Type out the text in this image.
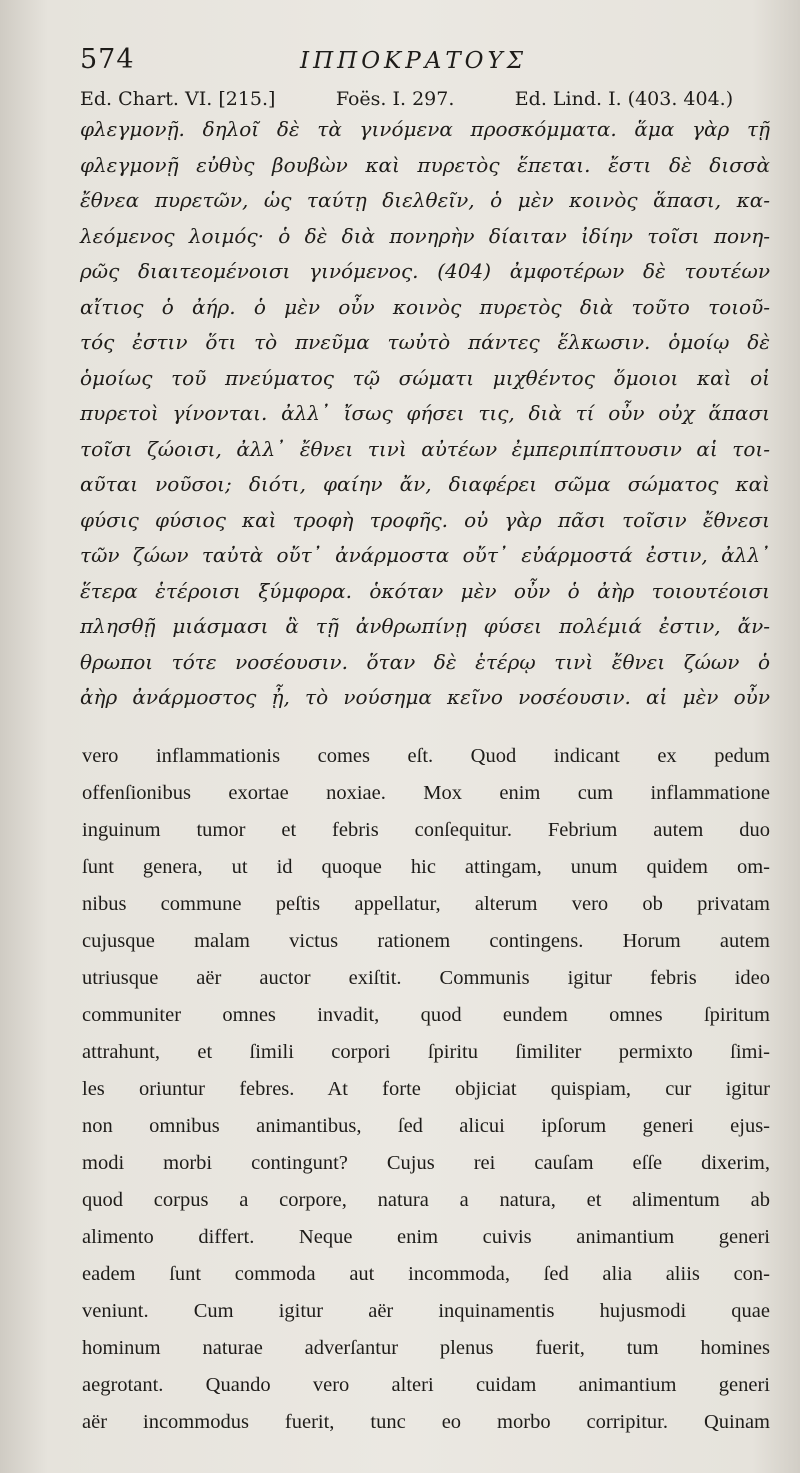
574	ΙΠΠΟΚΡΑΤΟΥΣ
Ed. Chart. VI. [215.]          Foës. I. 297.          Ed. Lind. I. (403. 404.)
φλεγμονῇ. δηλοῖ δὲ τὰ γινόμενα προσκόμματα. ἅμα γὰρ τῇ
φλεγμονῇ εὐθὺς βουβὼν καὶ πυρετὸς ἕπεται. ἔστι δὲ δισσὰ
ἔθνεα πυρετῶν, ὡς ταύτῃ διελθεῖν, ὁ μὲν κοινὸς ἅπασι, κα-
λεόμενος λοιμός· ὁ δὲ διὰ πονηρὴν δίαιταν ἰδίην τοῖσι πονη-
ρῶς διαιτεομένοισι γινόμενος. (404) ἀμφοτέρων δὲ τουτέων
αἴτιος ὁ ἀήρ. ὁ μὲν οὖν κοινὸς πυρετὸς διὰ τοῦτο τοιοῦ-
τός ἐστιν ὅτι τὸ πνεῦμα τωὐτὸ πάντες ἕλκωσιν. ὁμοίῳ δὲ
ὁμοίως τοῦ πνεύματος τῷ σώματι μιχθέντος ὅμοιοι καὶ οἱ
πυρετοὶ γίνονται. ἀλλ᾽ ἴσως φήσει τις, διὰ τί οὖν οὐχ ἅπασι
τοῖσι ζώοισι, ἀλλ᾽ ἔθνει τινὶ αὐτέων ἐμπεριπίπτουσιν αἱ τοι-
αῦται νοῦσοι; διότι, φαίην ἄν, διαφέρει σῶμα σώματος καὶ
φύσις φύσιος καὶ τροφὴ τροφῆς. οὐ γὰρ πᾶσι τοῖσιν ἔθνεσι
τῶν ζώων ταὐτὰ οὔτ᾽ ἀνάρμοστα οὔτ᾽ εὐάρμοστά ἐστιν, ἀλλ᾽
ἕτερα ἑτέροισι ξύμφορα. ὁκόταν μὲν οὖν ὁ ἀὴρ τοιουτέοισι
πλησθῇ μιάσμασι ἃ τῇ ἀνθρωπίνῃ φύσει πολέμιά ἐστιν, ἄν-
θρωποι τότε νοσέουσιν. ὅταν δὲ ἑτέρῳ τινὶ ἔθνει ζώων ὁ
ἀὴρ ἀνάρμοστος ᾖ, τὸ νούσημα κεῖνο νοσέουσιν. αἱ μὲν οὖν
vero inflammationis comes eſt. Quod indicant ex pedum
offenſionibus exortae noxiae. Mox enim cum inflammatione
inguinum tumor et febris conſequitur. Febrium autem duo
ſunt genera, ut id quoque hic attingam, unum quidem om-
nibus commune peſtis appellatur, alterum vero ob privatam
cujusque malam victus rationem contingens. Horum autem
utriusque aër auctor exiſtit. Communis igitur febris ideo
communiter omnes invadit, quod eundem omnes ſpiritum
attrahunt, et ſimili corpori ſpiritu ſimiliter permixto ſimi-
les oriuntur febres. At forte objiciat quispiam, cur igitur
non omnibus animantibus, ſed alicui ipſorum generi ejus-
modi morbi contingunt? Cujus rei cauſam eſſe dixerim,
quod corpus a corpore, natura a natura, et alimentum ab
alimento differt. Neque enim cuivis animantium generi
eadem ſunt commoda aut incommoda, ſed alia aliis con-
veniunt. Cum igitur aër inquinamentis hujusmodi quae
hominum naturae adverſantur plenus fuerit, tum homines
aegrotant. Quando vero alteri cuidam animantium generi
aër incommodus fuerit, tunc eo morbo corripitur. Quinam
